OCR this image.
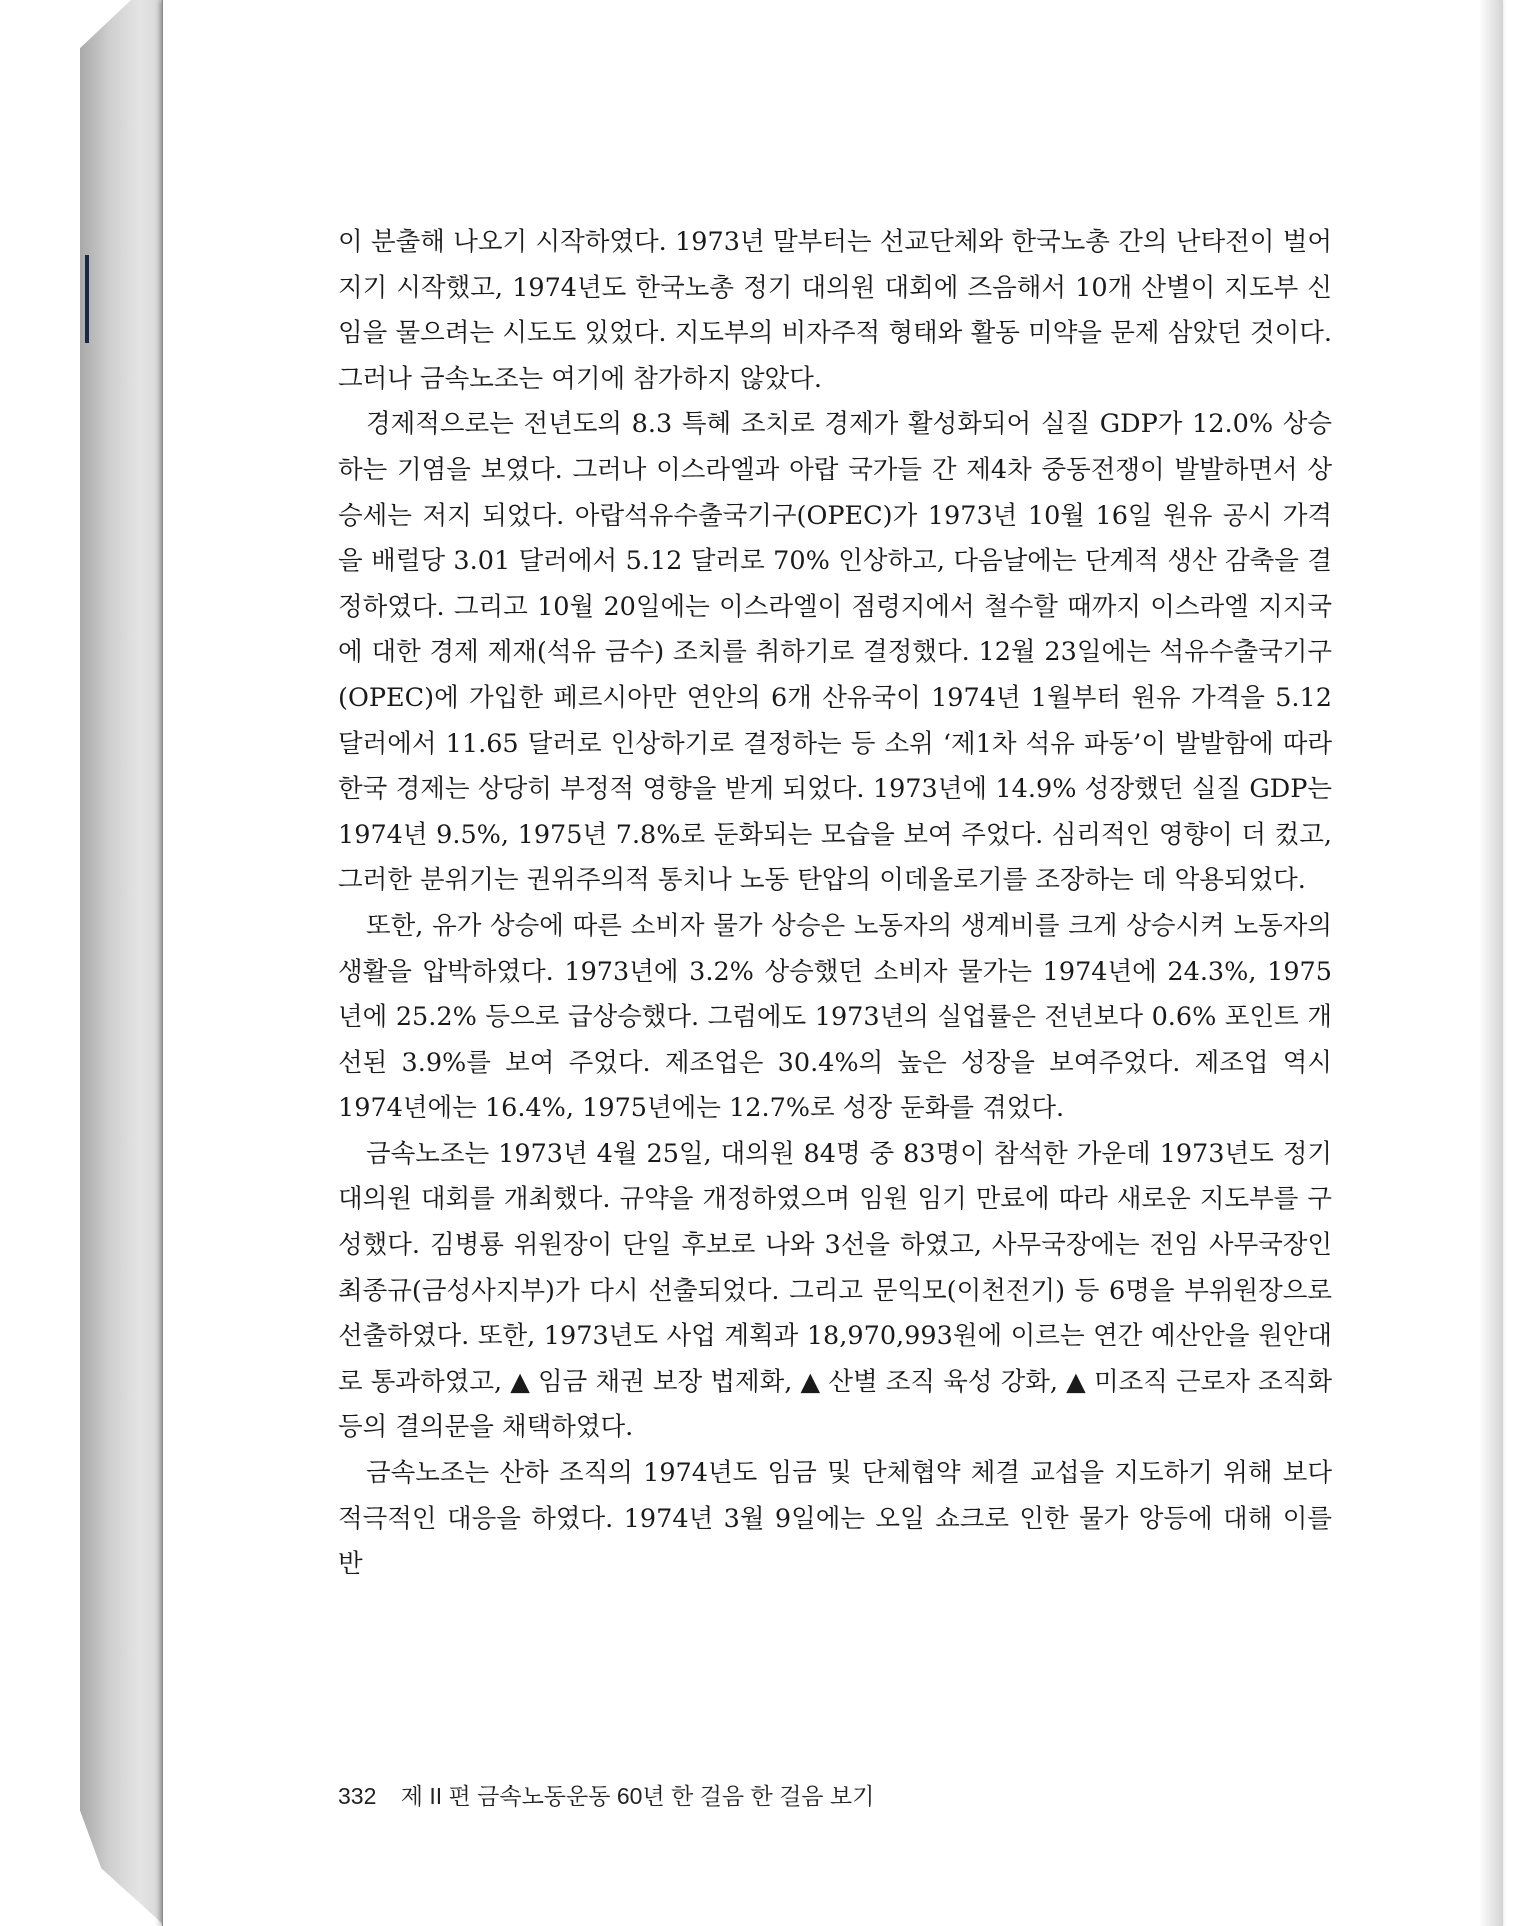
이 분출해 나오기 시작하였다. 1973년 말부터는 선교단체와 한국노총 간의 난타전이 벌어지기 시작했고, 1974년도 한국노총 정기 대의원 대회에 즈음해서 10개 산별이 지도부 신임을 물으려는 시도도 있었다. 지도부의 비자주적 형태와 활동 미약을 문제 삼았던 것이다. 그러나 금속노조는 여기에 참가하지 않았다.

경제적으로는 전년도의 8.3 특혜 조치로 경제가 활성화되어 실질 GDP가 12.0% 상승하는 기염을 보였다. 그러나 이스라엘과 아랍 국가들 간 제4차 중동전쟁이 발발하면서 상승세는 저지 되었다. 아랍석유수출국기구(OPEC)가 1973년 10월 16일 원유 공시 가격을 배럴당 3.01 달러에서 5.12 달러로 70% 인상하고, 다음날에는 단계적 생산 감축을 결정하였다. 그리고 10월 20일에는 이스라엘이 점령지에서 철수할 때까지 이스라엘 지지국에 대한 경제 제재(석유 금수) 조치를 취하기로 결정했다. 12월 23일에는 석유수출국기구(OPEC)에 가입한 페르시아만 연안의 6개 산유국이 1974년 1월부터 원유 가격을 5.12 달러에서 11.65 달러로 인상하기로 결정하는 등 소위 ‘제1차 석유 파동’이 발발함에 따라 한국 경제는 상당히 부정적 영향을 받게 되었다. 1973년에 14.9% 성장했던 실질 GDP는 1974년 9.5%, 1975년 7.8%로 둔화되는 모습을 보여 주었다. 심리적인 영향이 더 컸고, 그러한 분위기는 권위주의적 통치나 노동 탄압의 이데올로기를 조장하는 데 악용되었다.

또한, 유가 상승에 따른 소비자 물가 상승은 노동자의 생계비를 크게 상승시켜 노동자의 생활을 압박하였다. 1973년에 3.2% 상승했던 소비자 물가는 1974년에 24.3%, 1975년에 25.2% 등으로 급상승했다. 그럼에도 1973년의 실업률은 전년보다 0.6% 포인트 개선된 3.9%를 보여 주었다. 제조업은 30.4%의 높은 성장을 보여주었다. 제조업 역시 1974년에는 16.4%, 1975년에는 12.7%로 성장 둔화를 겪었다.

금속노조는 1973년 4월 25일, 대의원 84명 중 83명이 참석한 가운데 1973년도 정기 대의원 대회를 개최했다. 규약을 개정하였으며 임원 임기 만료에 따라 새로운 지도부를 구성했다. 김병룡 위원장이 단일 후보로 나와 3선을 하였고, 사무국장에는 전임 사무국장인 최종규(금성사지부)가 다시 선출되었다. 그리고 문익모(이천전기) 등 6명을 부위원장으로 선출하였다. 또한, 1973년도 사업 계획과 18,970,993원에 이르는 연간 예산안을 원안대로 통과하였고, ▲ 임금 채권 보장 법제화, ▲ 산별 조직 육성 강화, ▲ 미조직 근로자 조직화 등의 결의문을 채택하였다.

금속노조는 산하 조직의 1974년도 임금 및 단체협약 체결 교섭을 지도하기 위해 보다 적극적인 대응을 하였다. 1974년 3월 9일에는 오일 쇼크로 인한 물가 앙등에 대해 이를 반

332 제 II 편 금속노동운동 60년 한 걸음 한 걸음 보기
